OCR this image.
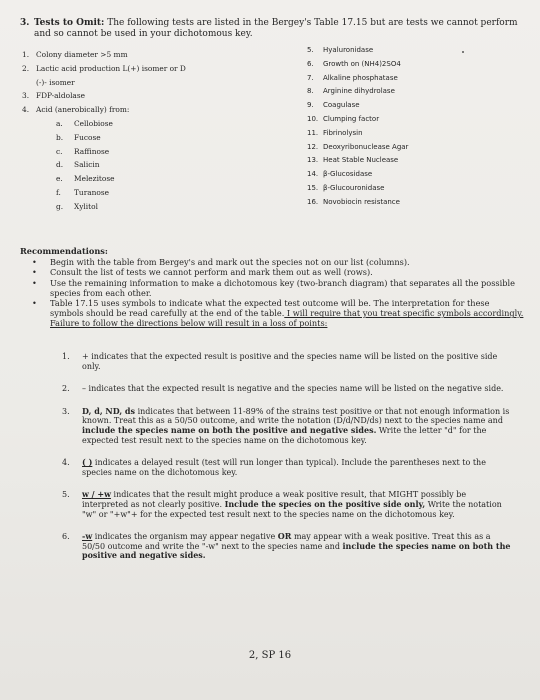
3. Tests to Omit: The following tests are listed in the Bergey's Table 17.15 but are tests we cannot perform and so cannot be used in your dichotomous key.
1. Colony diameter >5 mm
2. Lactic acid production L(+) isomer or D
(-)- isomer
3. FDP-aldolase
4. Acid (anerobically) from:
a. Cellobiose
b. Fucose
c. Raffinose
d. Salicin
e. Melezitose
f. Turanose
g. Xylitol
5. Hyaluronidase
6. Growth on (NH4)2SO4
7. Alkaline phosphatase
8. Arginine dihydrolase
9. Coagulase
10. Clumping factor
11. Fibrinolysin
12. Deoxyribonuclease Agar
13. Heat Stable Nuclease
14. β-Glucosidase
15. β-Glucouronidase
16. Novobiocin resistance
Recommendations:
• Begin with the table from Bergey's and mark out the species not on our list (columns).
• Consult the list of tests we cannot perform and mark them out as well (rows).
• Use the remaining information to make a dichotomous key (two-branch diagram) that separates all the possible species from each other.
• Table 17.15 uses symbols to indicate what the expected test outcome will be. The interpretation for these symbols should be read carefully at the end of the table. I will require that you treat specific symbols accordingly. Failure to follow the directions below will result in a loss of points:
1. + indicates that the expected result is positive and the species name will be listed on the positive side only.
2. – indicates that the expected result is negative and the species name will be listed on the negative side.
3. D, d, ND, ds indicates that between 11-89% of the strains test positive or that not enough information is known. Treat this as a 50/50 outcome, and write the notation (D/d/ND/ds) next to the species name and include the species name on both the positive and negative sides. Write the letter "d" for the expected test result next to the species name on the dichotomous key.
4. ( ) indicates a delayed result (test will run longer than typical). Include the parentheses next to the species name on the dichotomous key.
5. w / +w indicates that the result might produce a weak positive result, that MIGHT possibly be interpreted as not clearly positive. Include the species on the positive side only, Write the notation "w" or "+w"+ for the expected test result next to the species name on the dichotomous key.
6. -w indicates the organism may appear negative OR may appear with a weak positive. Treat this as a 50/50 outcome and write the "-w" next to the species name and include the species name on both the positive and negative sides.
2, SP 16
